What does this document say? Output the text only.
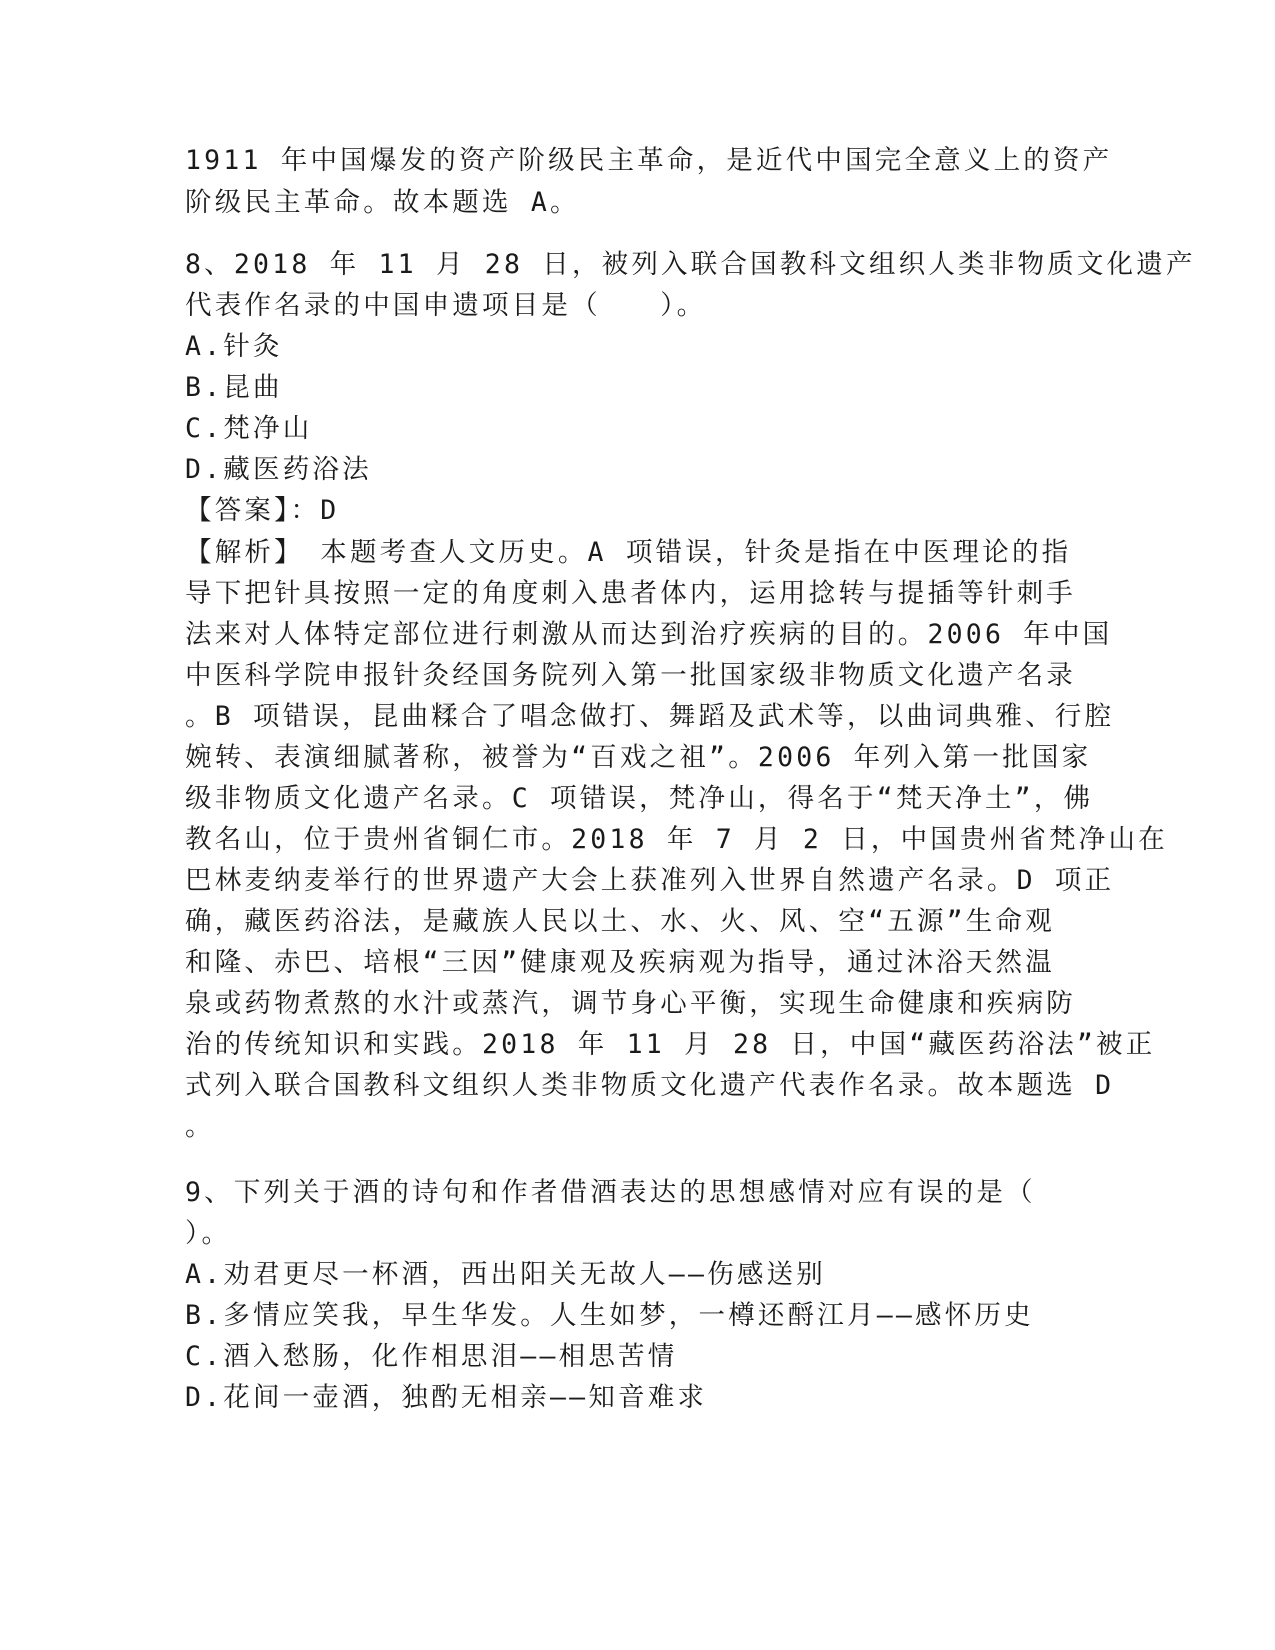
1911 年中国爆发的资产阶级民主革命，是近代中国完全意义上的资产

阶级民主革命。故本题选 A。

8、2018 年 11 月 28 日，被列入联合国教科文组织人类非物质文化遗产

代表作名录的中国申遗项目是（　　）。

A.针灸

B.昆曲

C.梵净山

D.藏医药浴法

【答案】：D

【解析】　本题考查人文历史。A 项错误，针灸是指在中医理论的指

导下把针具按照一定的角度刺入患者体内，运用捻转与提插等针刺手

法来对人体特定部位进行刺激从而达到治疗疾病的目的。2006 年中国

中医科学院申报针灸经国务院列入第一批国家级非物质文化遗产名录

。B 项错误，昆曲糅合了唱念做打、舞蹈及武术等，以曲词典雅、行腔

婉转、表演细腻著称，被誉为“百戏之祖”。2006 年列入第一批国家

级非物质文化遗产名录。C 项错误，梵净山，得名于“梵天净土”，佛

教名山，位于贵州省铜仁市。2018 年 7 月 2 日，中国贵州省梵净山在

巴林麦纳麦举行的世界遗产大会上获准列入世界自然遗产名录。D 项正

确，藏医药浴法，是藏族人民以土、水、火、风、空“五源”生命观

和隆、赤巴、培根“三因”健康观及疾病观为指导，通过沐浴天然温

泉或药物煮熬的水汁或蒸汽，调节身心平衡，实现生命健康和疾病防

治的传统知识和实践。2018 年 11 月 28 日，中国“藏医药浴法”被正

式列入联合国教科文组织人类非物质文化遗产代表作名录。故本题选 D

。

9、下列关于酒的诗句和作者借酒表达的思想感情对应有误的是（

）。

A.劝君更尽一杯酒，西出阳关无故人——伤感送别

B.多情应笑我，早生华发。人生如梦，一樽还酹江月——感怀历史

C.酒入愁肠，化作相思泪——相思苦情

D.花间一壶酒，独酌无相亲——知音难求
